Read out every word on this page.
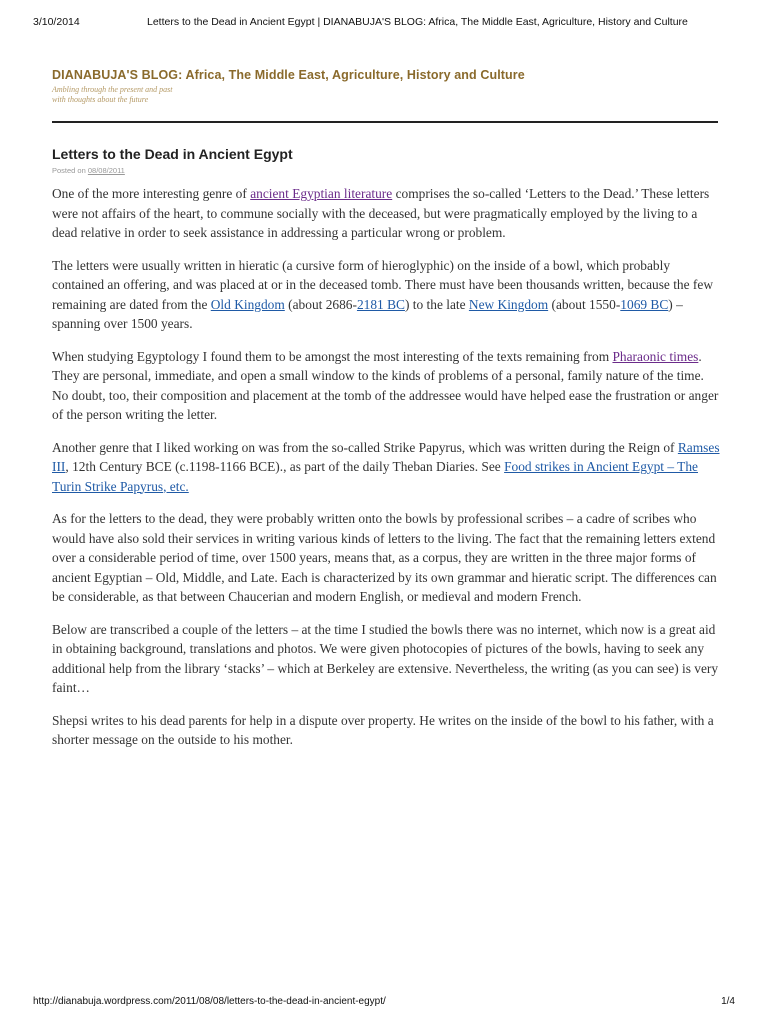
3/10/2014	Letters to the Dead in Ancient Egypt | DIANABUJA'S BLOG: Africa, The Middle East, Agriculture, History and Culture
DIANABUJA'S BLOG: Africa, The Middle East, Agriculture, History and Culture
Ambling through the present and past
with thoughts about the future
Letters to the Dead in Ancient Egypt
Posted on 08/08/2011

One of the more interesting genre of ancient Egyptian literature comprises the so-called ‘Letters to the Dead.’ These letters were not affairs of the heart, to commune socially with the deceased, but were pragmatically employed by the living to a dead relative in order to seek assistance in addressing a particular wrong or problem.

The letters were usually written in hieratic (a cursive form of hieroglyphic) on the inside of a bowl, which probably contained an offering, and was placed at or in the deceased tomb. There must have been thousands written, because the few remaining are dated from the Old Kingdom (about 2686-2181 BC) to the late New Kingdom (about 1550-1069 BC) – spanning over 1500 years.

When studying Egyptology I found them to be amongst the most interesting of the texts remaining from Pharaonic times. They are personal, immediate, and open a small window to the kinds of problems of a personal, family nature of the time. No doubt, too, their composition and placement at the tomb of the addressee would have helped ease the frustration or anger of the person writing the letter.

Another genre that I liked working on was from the so-called Strike Papyrus, which was written during the Reign of Ramses III, 12th Century BCE (c.1198-1166 BCE)., as part of the daily Theban Diaries. See Food strikes in Ancient Egypt – The Turin Strike Papyrus, etc.

As for the letters to the dead, they were probably written onto the bowls by professional scribes – a cadre of scribes who would have also sold their services in writing various kinds of letters to the living. The fact that the remaining letters extend over a considerable period of time, over 1500 years, means that, as a corpus, they are written in the three major forms of ancient Egyptian – Old, Middle, and Late. Each is characterized by its own grammar and hieratic script. The differences can be considerable, as that between Chaucerian and modern English, or medieval and modern French.

Below are transcribed a couple of the letters – at the time I studied the bowls there was no internet, which now is a great aid in obtaining background, translations and photos. We were given photocopies of pictures of the bowls, having to seek any additional help from the library ‘stacks’ – which at Berkeley are extensive. Nevertheless, the writing (as you can see) is very faint…

Shepsi writes to his dead parents for help in a dispute over property. He writes on the inside of the bowl to his father, with a shorter message on the outside to his mother.

http://dianabuja.wordpress.com/2011/08/08/letters-to-the-dead-in-ancient-egypt/	1/4
